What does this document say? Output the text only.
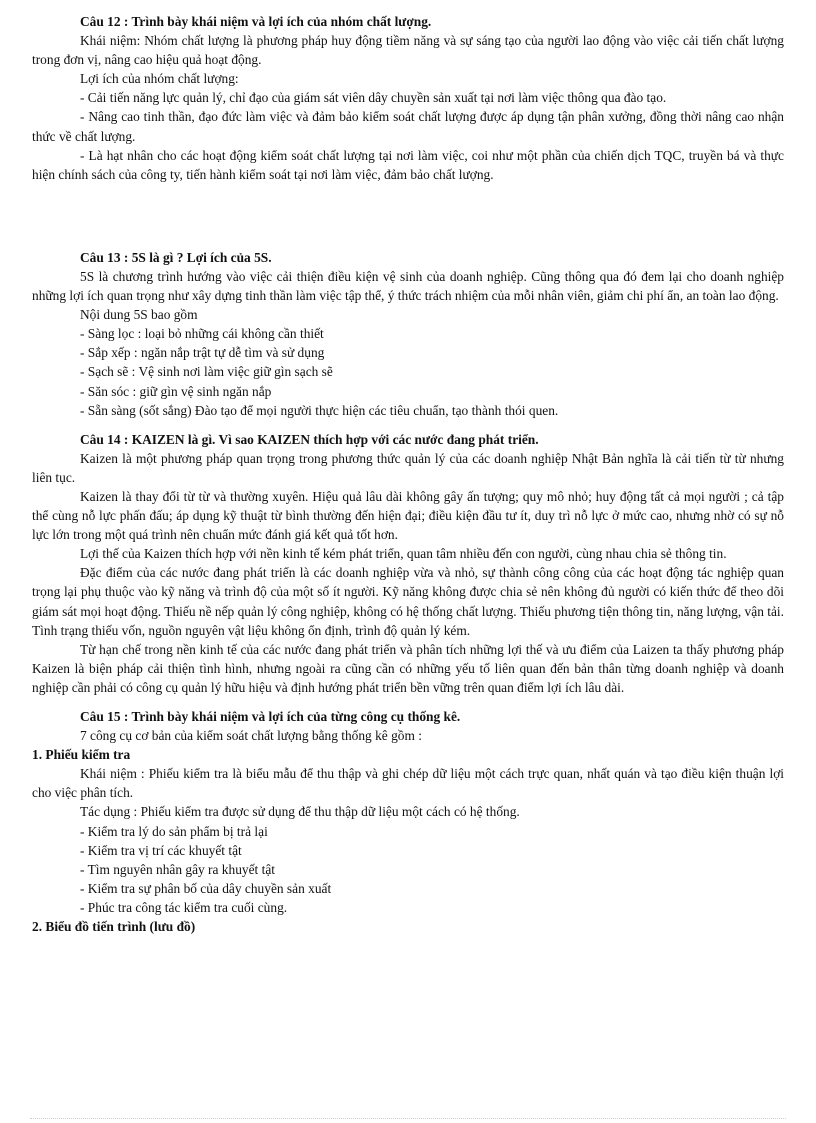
Câu 12 : Trình bày khái niệm và lợi ích của nhóm chất lượng.

Khái niệm: Nhóm chất lượng là phương pháp huy động tiềm năng và sự sáng tạo của người lao động vào việc cải tiến chất lượng trong đơn vị, nâng cao hiệu quả hoạt động.

Lợi ích của nhóm chất lượng:

- Cải tiến năng lực quản lý, chỉ đạo của giám sát viên dây chuyền sản xuất tại nơi làm việc thông qua đào tạo.

- Nâng cao tinh thần, đạo đức làm việc và đảm bảo kiểm soát chất lượng được áp dụng tận phân xưởng, đồng thời nâng cao nhận thức về chất lượng.

- Là hạt nhân cho các hoạt động kiểm soát chất lượng tại nơi làm việc, coi như một phần của chiến dịch TQC, truyền bá và thực hiện chính sách của công ty, tiến hành kiểm soát tại nơi làm việc, đảm bảo chất lượng.

Câu 13 : 5S là gì ? Lợi ích của 5S.

5S là chương trình hướng vào việc cải thiện điều kiện vệ sinh của doanh nghiệp. Cũng thông qua đó đem lại cho doanh nghiệp những lợi ích quan trọng như xây dựng tinh thần làm việc tập thể, ý thức trách nhiệm của mỗi nhân viên, giảm chi phí ẩn, an toàn lao động.

Nội dung 5S bao gồm

- Sàng lọc : loại bỏ những cái không cần thiết

- Sắp xếp : ngăn nắp trật tự dễ tìm và sử dụng

- Sạch sẽ : Vệ sinh nơi làm việc giữ gìn sạch sẽ

- Săn sóc : giữ gìn vệ sinh ngăn nắp

- Sẵn sàng (sốt sắng) Đào tạo để mọi người thực hiện các tiêu chuẩn, tạo thành thói quen.

Câu 14 : KAIZEN là gì. Vì sao KAIZEN thích hợp với các nước đang phát triển.

Kaizen là một phương pháp quan trọng trong phương thức quản lý của các doanh nghiệp Nhật Bản nghĩa là cải tiến từ từ nhưng liên tục.

Kaizen là thay đổi từ từ và thường xuyên. Hiệu quả lâu dài không gây ấn tượng; quy mô nhỏ; huy động tất cả mọi người ; cả tập thể cùng nỗ lực phấn đấu; áp dụng kỹ thuật từ bình thường đến hiện đại; điều kiện đầu tư ít, duy trì nỗ lực ở mức cao, nhưng nhờ có sự nỗ lực lớn trong một quá trình nên chuẩn mức đánh giá kết quả tốt hơn.

Lợi thế của Kaizen thích hợp với nền kinh tế kém phát triển, quan tâm nhiều đến con người, cùng nhau chia sẻ thông tin.

Đặc điểm của các nước đang phát triển là các doanh nghiệp vừa và nhỏ, sự thành công công của các hoạt động tác nghiệp quan trọng lại phụ thuộc vào kỹ năng và trình độ của một số ít người. Kỹ năng không được chia sẻ nên không đủ người có kiến thức để theo dõi giám sát mọi hoạt động. Thiếu nề nếp quản lý công nghiệp, không có hệ thống chất lượng. Thiếu phương tiện thông tin, năng lượng, vận tải. Tình trạng thiếu vốn, nguồn nguyên vật liệu không ổn định, trình độ quản lý kém.

Từ hạn chế trong nền kinh tế của các nước đang phát triển và phân tích những lợi thế và ưu điểm của Laizen ta thấy phương pháp Kaizen là biện pháp cải thiện tình hình, nhưng ngoài ra cũng cần có những yếu tố liên quan đến bản thân từng doanh nghiệp và doanh nghiệp cần phải có công cụ quản lý hữu hiệu và định hướng phát triển bền vững trên quan điểm lợi ích lâu dài.

Câu 15 : Trình bày khái niệm và lợi ích của từng công cụ thống kê.

7 công cụ cơ bản của kiểm soát chất lượng bằng thống kê gồm :

1. Phiếu kiểm tra

Khái niệm : Phiếu kiểm tra là biểu mẫu để thu thập và ghi chép dữ liệu một cách trực quan, nhất quán và tạo điều kiện thuận lợi cho việc phân tích.

Tác dụng : Phiếu kiểm tra được sử dụng để thu thập dữ liệu một cách có hệ thống.

- Kiểm tra lý do sản phẩm bị trả lại

- Kiểm tra vị trí các khuyết tật

- Tìm nguyên nhân gây ra khuyết tật

- Kiểm tra sự phân bố của dây chuyền sản xuất

- Phúc tra công tác kiểm tra cuối cùng.

2. Biểu đồ tiến trình (lưu đồ)
